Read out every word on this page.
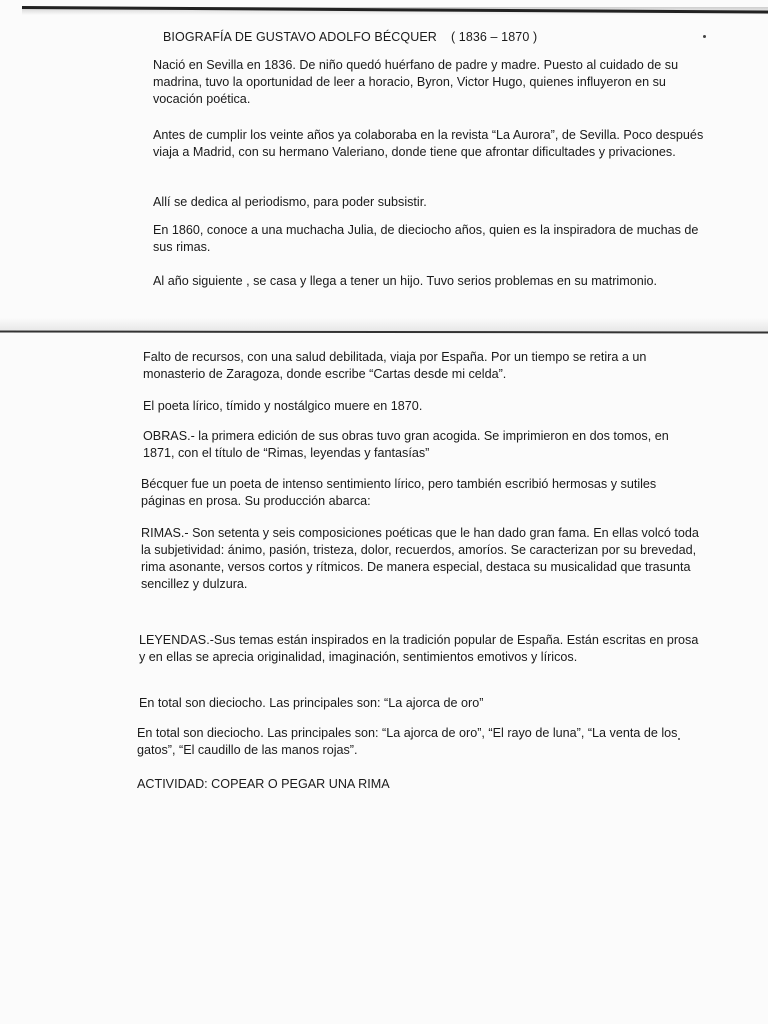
BIOGRAFÍA DE GUSTAVO ADOLFO BÉCQUER ( 1836 – 1870 )

Nació en Sevilla en 1836. De niño quedó huérfano de padre y madre. Puesto al cuidado de su madrina, tuvo la oportunidad de leer a horacio, Byron, Victor Hugo, quienes influyeron en su vocación poética.

Antes de cumplir los veinte años ya colaboraba en la revista “La Aurora”, de Sevilla. Poco después viaja a Madrid, con su hermano Valeriano, donde tiene que afrontar dificultades y privaciones.

Allí se dedica al periodismo, para poder subsistir.

En 1860, conoce a una muchacha Julia, de dieciocho años, quien es la inspiradora de muchas de sus rimas.

Al año siguiente , se casa y llega a tener un hijo. Tuvo serios problemas en su matrimonio.

Falto de recursos, con una salud debilitada, viaja por España. Por un tiempo se retira a un monasterio de Zaragoza, donde escribe “Cartas desde mi celda”.

El poeta lírico, tímido y nostálgico muere en 1870.

OBRAS.- la primera edición de sus obras tuvo gran acogida. Se imprimieron en dos tomos, en 1871, con el título de “Rimas, leyendas y fantasías”

Bécquer fue un poeta de intenso sentimiento lírico, pero también escribió hermosas y sutiles páginas en prosa. Su producción abarca:

RIMAS.- Son setenta y seis composiciones poéticas que le han dado gran fama. En ellas volcó toda la subjetividad: ánimo, pasión, tristeza, dolor, recuerdos, amoríos. Se caracterizan por su brevedad, rima asonante, versos cortos y rítmicos. De manera especial, destaca su musicalidad que trasunta sencillez y dulzura.

LEYENDAS.-Sus temas están inspirados en la tradición popular de España. Están escritas en prosa y en ellas se aprecia originalidad, imaginación, sentimientos emotivos y líricos.

En total son dieciocho. Las principales son: “La ajorca de oro”

En total son dieciocho. Las principales son: “La ajorca de oro”, “El rayo de luna”, “La venta de los gatos”, “El caudillo de las manos rojas”.

ACTIVIDAD: COPEAR O PEGAR UNA RIMA
